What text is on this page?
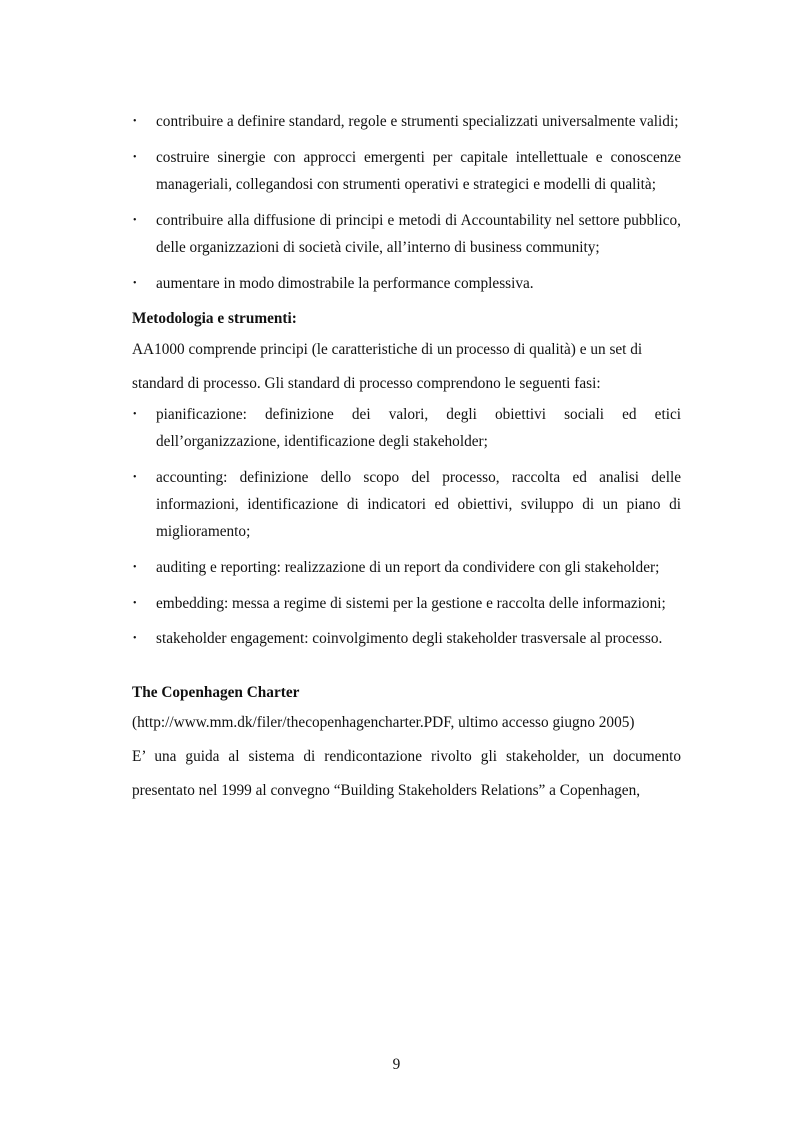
• contribuire a definire standard, regole e strumenti specializzati universalmente validi;
• costruire sinergie con approcci emergenti per capitale intellettuale e conoscenze manageriali, collegandosi con strumenti operativi e strategici e modelli di qualità;
• contribuire alla diffusione di principi e metodi di Accountability nel settore pubblico, delle organizzazioni di società civile, all’interno di business community;
• aumentare in modo dimostrabile la performance complessiva.

Metodologia e strumenti:

AA1000 comprende principi (le caratteristiche di un processo di qualità) e un set di

standard di processo. Gli standard di processo comprendono le seguenti fasi:

• pianificazione: definizione dei valori, degli obiettivi sociali ed etici dell’organizzazione, identificazione degli stakeholder;
• accounting: definizione dello scopo del processo, raccolta ed analisi delle informazioni, identificazione di indicatori ed obiettivi, sviluppo di un piano di miglioramento;
• auditing e reporting: realizzazione di un report da condividere con gli stakeholder;
• embedding: messa a regime di sistemi per la gestione e raccolta delle informazioni;
• stakeholder engagement: coinvolgimento degli stakeholder trasversale al processo.

The Copenhagen Charter

(http://www.mm.dk/filer/thecopenhagencharter.PDF, ultimo accesso giugno 2005)

E’ una guida al sistema di rendicontazione rivolto gli stakeholder, un documento presentato nel 1999 al convegno “Building Stakeholders Relations” a Copenhagen,

9
